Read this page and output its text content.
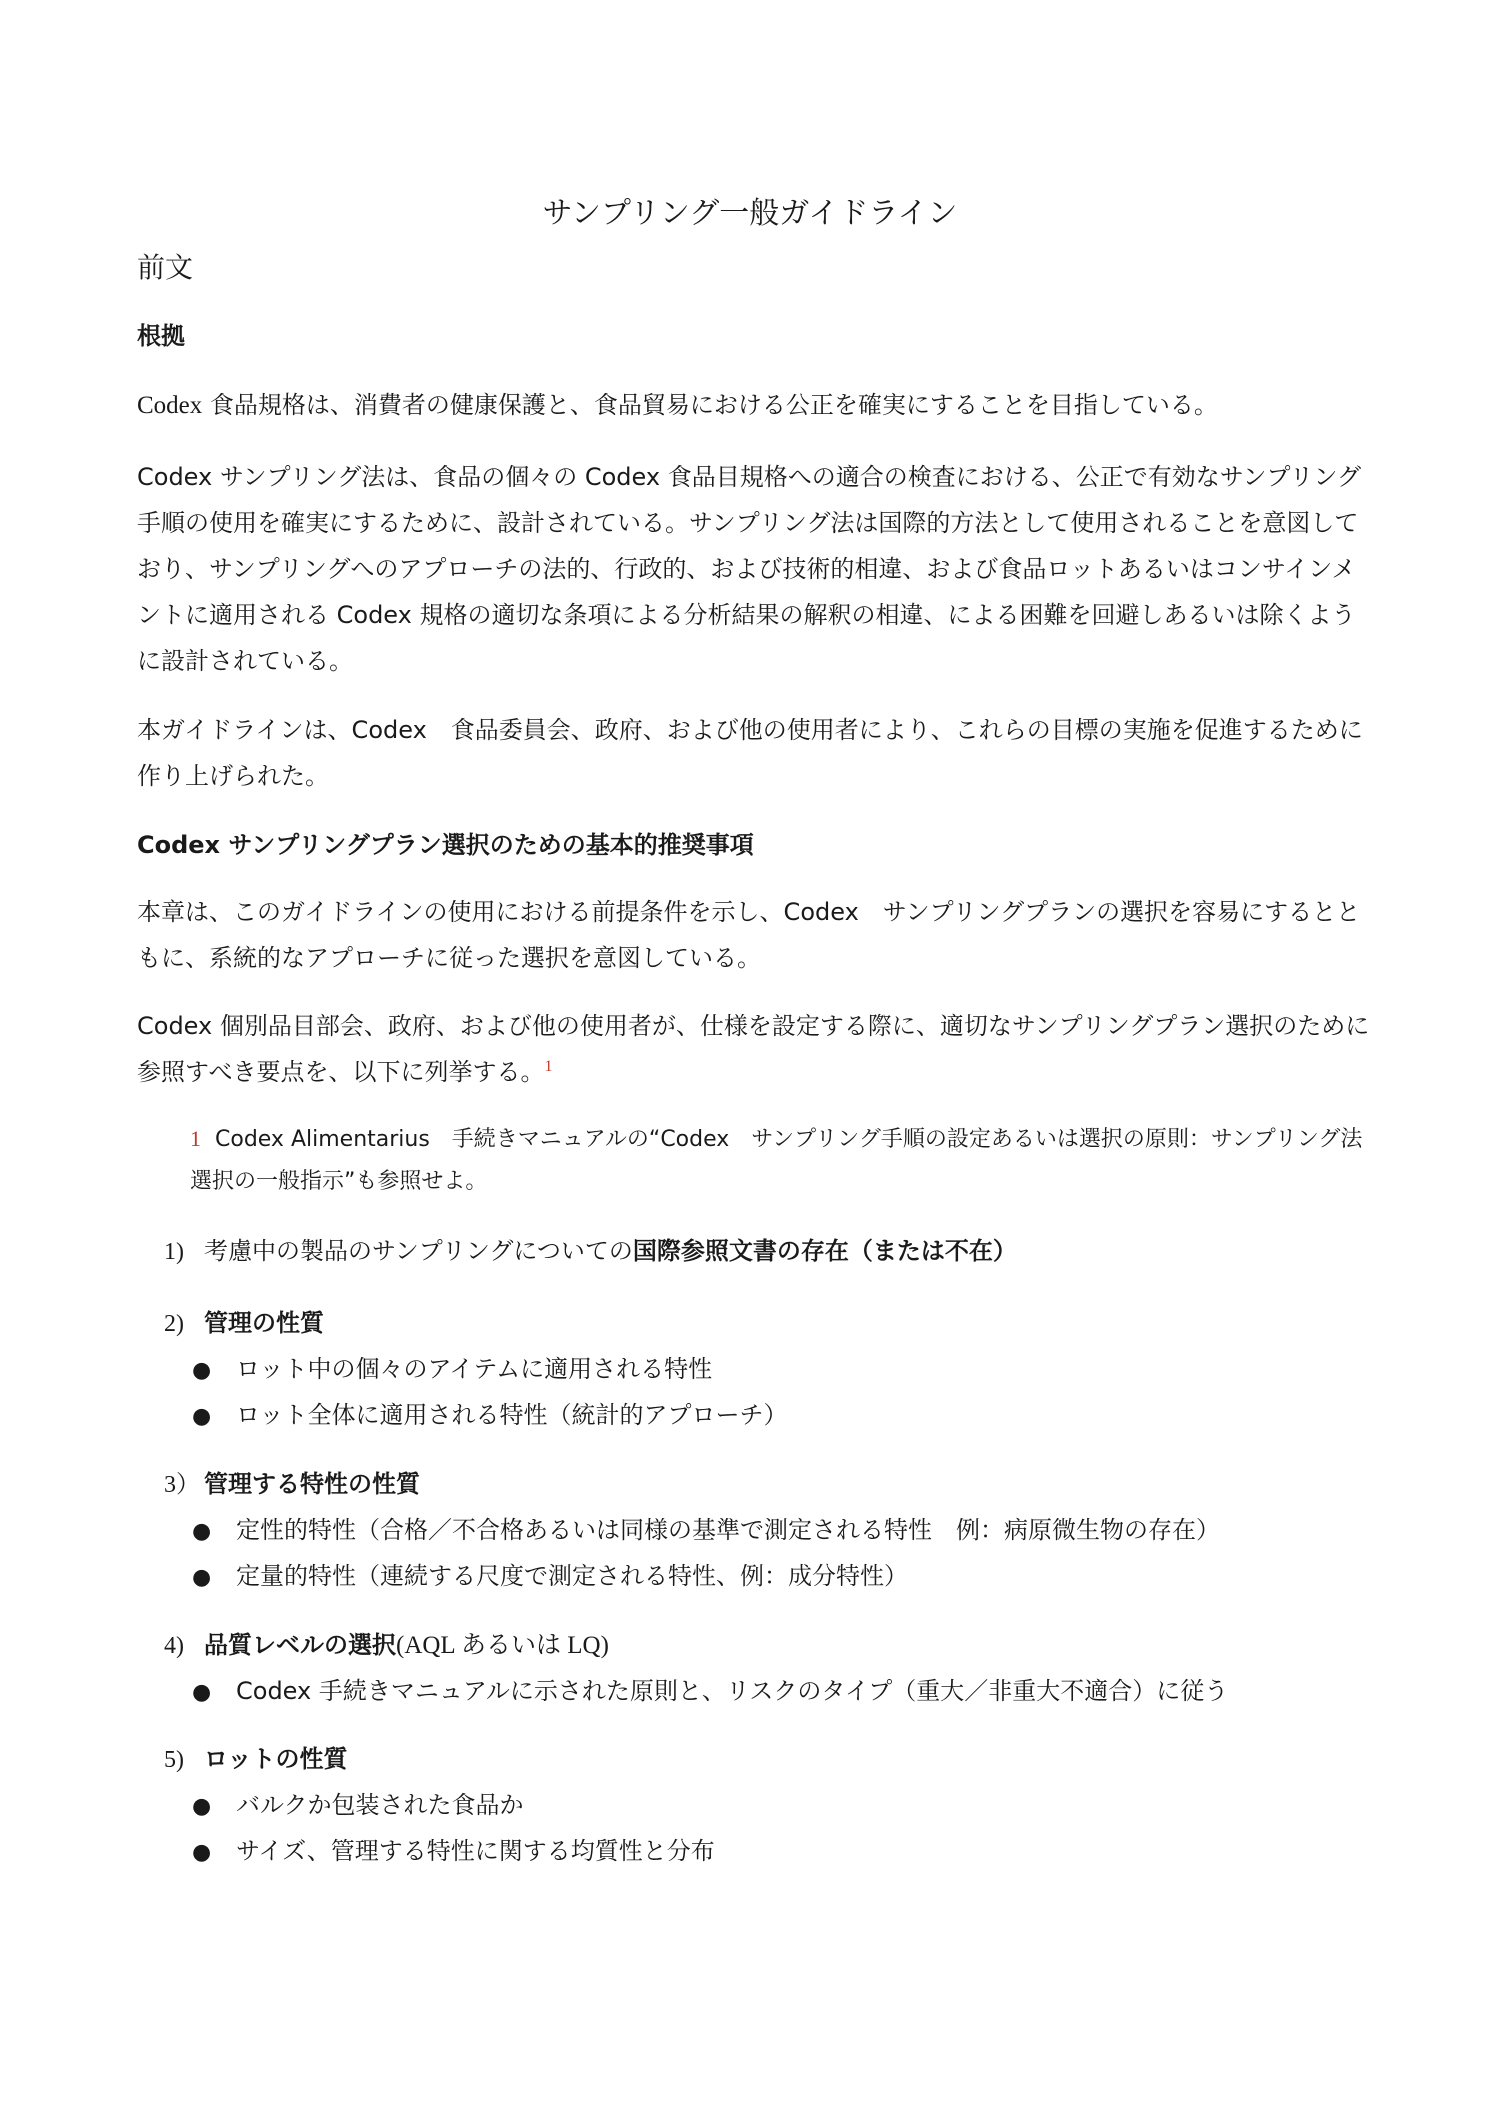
サンプリング一般ガイドライン

前文

根拠

Codex 食品規格は、消費者の健康保護と、食品貿易における公正を確実にすることを目指している。

Codex サンプリング法は、食品の個々の Codex 食品目規格への適合の検査における、公正で有効なサンプリング手順の使用を確実にするために、設計されている。サンプリング法は国際的方法として使用されることを意図しており、サンプリングへのアプローチの法的、行政的、および技術的相違、および食品ロットあるいはコンサインメントに適用される Codex 規格の適切な条項による分析結果の解釈の相違、による困難を回避しあるいは除くように設計されている。

本ガイドラインは、Codex　食品委員会、政府、および他の使用者により、これらの目標の実施を促進するために作り上げられた。

Codex サンプリングプラン選択のための基本的推奨事項

本章は、このガイドラインの使用における前提条件を示し、Codex　サンプリングプランの選択を容易にするとともに、系統的なアプローチに従った選択を意図している。

Codex 個別品目部会、政府、および他の使用者が、仕様を設定する際に、適切なサンプリングプラン選択のために参照すべき要点を、以下に列挙する。$^1$

1 Codex Alimentarius　手続きマニュアルの“Codex　サンプリング手順の設定あるいは選択の原則：サンプリング法選択の一般指示”も参照せよ。

1) 考慮中の製品のサンプリングについての国際参照文書の存在（または不在）

2) 管理の性質

● ロット中の個々のアイテムに適用される特性

● ロット全体に適用される特性（統計的アプローチ）

3） 管理する特性の性質

● 定性的特性（合格／不合格あるいは同様の基準で測定される特性　例：病原微生物の存在）

● 定量的特性（連続する尺度で測定される特性、例：成分特性）

4) 品質レベルの選択(AQL あるいは LQ)

● Codex 手続きマニュアルに示された原則と、リスクのタイプ（重大／非重大不適合）に従う

5) ロットの性質

● バルクか包装された食品か

● サイズ、管理する特性に関する均質性と分布
